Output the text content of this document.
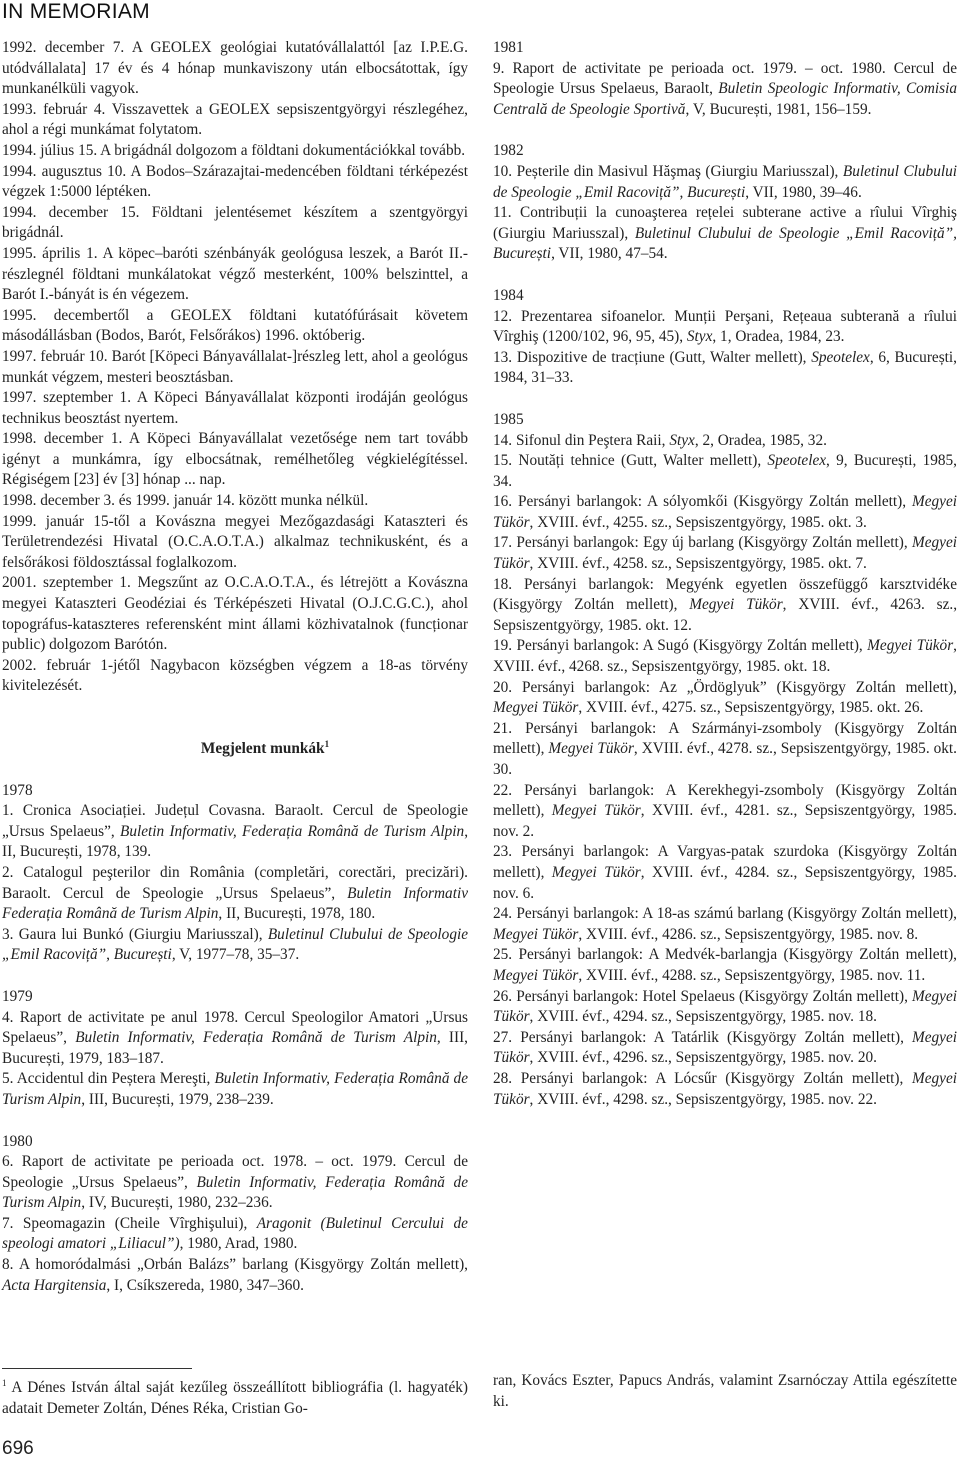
IN MEMORIAM

1992. december 7. A GEOLEX geológiai kutatóvállalattól [az I.P.E.G. utódvállalata] 17 év és 4 hónap munkaviszony után elbocsátottak, így munkanélküli vagyok.

1993. február 4. Visszavettek a GEOLEX sepsiszentgyörgyi részlegéhez, ahol a régi munkámat folytatom.

1994. július 15. A brigádnál dolgozom a földtani dokumentációkkal tovább.

1994. augusztus 10. A Bodos–Szárazajtai-medencében földtani térképezést végzek 1:5000 léptéken.

1994. december 15. Földtani jelentésemet készítem a szentgyörgyi brigádnál.

1995. április 1. A köpec–baróti szénbányák geológusa leszek, a Barót II.-részlegnél földtani munkálatokat végző mesterként, 100% belszinttel, a Barót I.-bányát is én végezem.

1995. decembertől a GEOLEX földtani kutatófúrásait követem másodállásban (Bodos, Barót, Felsőrákos) 1996. októberig.

1997. február 10. Barót [Köpeci Bányavállalat-]részleg lett, ahol a geológus munkát végzem, mesteri beosztásban.

1997. szeptember 1. A Köpeci Bányavállalat központi irodáján geológus technikus beosztást nyertem.

1998. december 1. A Köpeci Bányavállalat vezetősége nem tart tovább igényt a munkámra, így elbocsátnak, remélhetőleg végkielégítéssel. Régiségem [23] év [3] hónap ... nap.

1998. december 3. és 1999. január 14. között munka nélkül.

1999. január 15-től a Kovászna megyei Mezőgazdasági Kataszteri és Területrendezési Hivatal (O.C.A.O.T.A.) alkalmaz technikusként, és a felsőrákosi földosztással foglalkozom.

2001. szeptember 1. Megszűnt az O.C.A.O.T.A., és létrejött a Kovászna megyei Kataszteri Geodéziai és Térképészeti Hivatal (O.J.C.G.C.), ahol topográfus-kataszteres referensként mint állami közhivatalnok (funcționar public) dolgozom Barótón.

2002. február 1-jétől Nagybacon községben végzem a 18-as törvény kivitelezését.

Megjelent munkák$^1$

1978

1. Cronica Asociației. Județul Covasna. Baraolt. Cercul de Speologie „Ursus Spelaeus”, Buletin Informativ, Federația Română de Turism Alpin, II, București, 1978, 139.

2. Catalogul peşterilor din România (completări, corectări, precizări). Baraolt. Cercul de Speologie „Ursus Spelaeus”, Buletin Informativ Federația Română de Turism Alpin, II, București, 1978, 180.

3. Gaura lui Bunkó (Giurgiu Mariusszal), Buletinul Clubului de Speologie „Emil Racoviță”, București, V, 1977–78, 35–37.

1979

4. Raport de activitate pe anul 1978. Cercul Speologilor Amatori „Ursus Spelaeus”, Buletin Informativ, Federația Română de Turism Alpin, III, București, 1979, 183–187.

5. Accidentul din Peștera Mereşti, Buletin Informativ, Federația Română de Turism Alpin, III, București, 1979, 238–239.

1980

6. Raport de activitate pe perioada oct. 1978. – oct. 1979. Cercul de Speologie „Ursus Spelaeus”, Buletin Informativ, Federația Română de Turism Alpin, IV, București, 1980, 232–236.

7. Speomagazin (Cheile Vîrghişului), Aragonit (Buletinul Cercului de speologi amatori „Liliacul”), 1980, Arad, 1980.

8. A homoródalmási „Orbán Balázs” barlang (Kisgyörgy Zoltán mellett), Acta Hargitensia, I, Csíkszereda, 1980, 347–360.

1981

9. Raport de activitate pe perioada oct. 1979. – oct. 1980. Cercul de Speologie Ursus Spelaeus, Baraolt, Buletin Speologic Informativ, Comisia Centrală de Speologie Sportivă, V, București, 1981, 156–159.

1982

10. Peșterile din Masivul Hăşmaş (Giurgiu Mariusszal), Buletinul Clubului de Speologie „Emil Racoviță”, București, VII, 1980, 39–46.

11. Contribuții la cunoaşterea rețelei subterane active a rîului Vîrghiş (Giurgiu Mariusszal), Buletinul Clubului de Speologie „Emil Racoviță”, București, VII, 1980, 47–54.

1984

12. Prezentarea sifoanelor. Munții Perşani, Rețeaua subterană a rîului Vîrghiş (1200/102, 96, 95, 45), Styx, 1, Oradea, 1984, 23.

13. Dispozitive de tracțiune (Gutt, Walter mellett), Speotelex, 6, București, 1984, 31–33.

1985

14. Sifonul din Peştera Raii, Styx, 2, Oradea, 1985, 32.

15. Noutăți tehnice (Gutt, Walter mellett), Speotelex, 9, București, 1985, 34.

16. Persányi barlangok: A sólyomkői (Kisgyörgy Zoltán mellett), Megyei Tükör, XVIII. évf., 4255. sz., Sepsiszentgyörgy, 1985. okt. 3.

17. Persányi barlangok: Egy új barlang (Kisgyörgy Zoltán mellett), Megyei Tükör, XVIII. évf., 4258. sz., Sepsiszentgyörgy, 1985. okt. 7.

18. Persányi barlangok: Megyénk egyetlen összefüggő karsztvidéke (Kisgyörgy Zoltán mellett), Megyei Tükör, XVIII. évf., 4263. sz., Sepsiszentgyörgy, 1985. okt. 12.

19. Persányi barlangok: A Sugó (Kisgyörgy Zoltán mellett), Megyei Tükör, XVIII. évf., 4268. sz., Sepsiszentgyörgy, 1985. okt. 18.

20. Persányi barlangok: Az „Ördöglyuk” (Kisgyörgy Zoltán mellett), Megyei Tükör, XVIII. évf., 4275. sz., Sepsiszentgyörgy, 1985. okt. 26.

21. Persányi barlangok: A Szármányi-zsomboly (Kisgyörgy Zoltán mellett), Megyei Tükör, XVIII. évf., 4278. sz., Sepsiszentgyörgy, 1985. okt. 30.

22. Persányi barlangok: A Kerekhegyi-zsomboly (Kisgyörgy Zoltán mellett), Megyei Tükör, XVIII. évf., 4281. sz., Sepsiszentgyörgy, 1985. nov. 2.

23. Persányi barlangok: A Vargyas-patak szurdoka (Kisgyörgy Zoltán mellett), Megyei Tükör, XVIII. évf., 4284. sz., Sepsiszentgyörgy, 1985. nov. 6.

24. Persányi barlangok: A 18-as számú barlang (Kisgyörgy Zoltán mellett), Megyei Tükör, XVIII. évf., 4286. sz., Sepsiszentgyörgy, 1985. nov. 8.

25. Persányi barlangok: A Medvék-barlangja (Kisgyörgy Zoltán mellett), Megyei Tükör, XVIII. évf., 4288. sz., Sepsiszentgyörgy, 1985. nov. 11.

26. Persányi barlangok: Hotel Spelaeus (Kisgyörgy Zoltán mellett), Megyei Tükör, XVIII. évf., 4294. sz., Sepsiszentgyörgy, 1985. nov. 18.

27. Persányi barlangok: A Tatárlik (Kisgyörgy Zoltán mellett), Megyei Tükör, XVIII. évf., 4296. sz., Sepsiszentgyörgy, 1985. nov. 20.

28. Persányi barlangok: A Lócsűr (Kisgyörgy Zoltán mellett), Megyei Tükör, XVIII. évf., 4298. sz., Sepsiszentgyörgy, 1985. nov. 22.

$^1$ A Dénes István által saját kezűleg összeállított bibliográfia (l. hagyaték) adatait Demeter Zoltán, Dénes Réka, Cristian Go-
ran, Kovács Eszter, Papucs András, valamint Zsarnóczay Attila egészítette ki.
696
